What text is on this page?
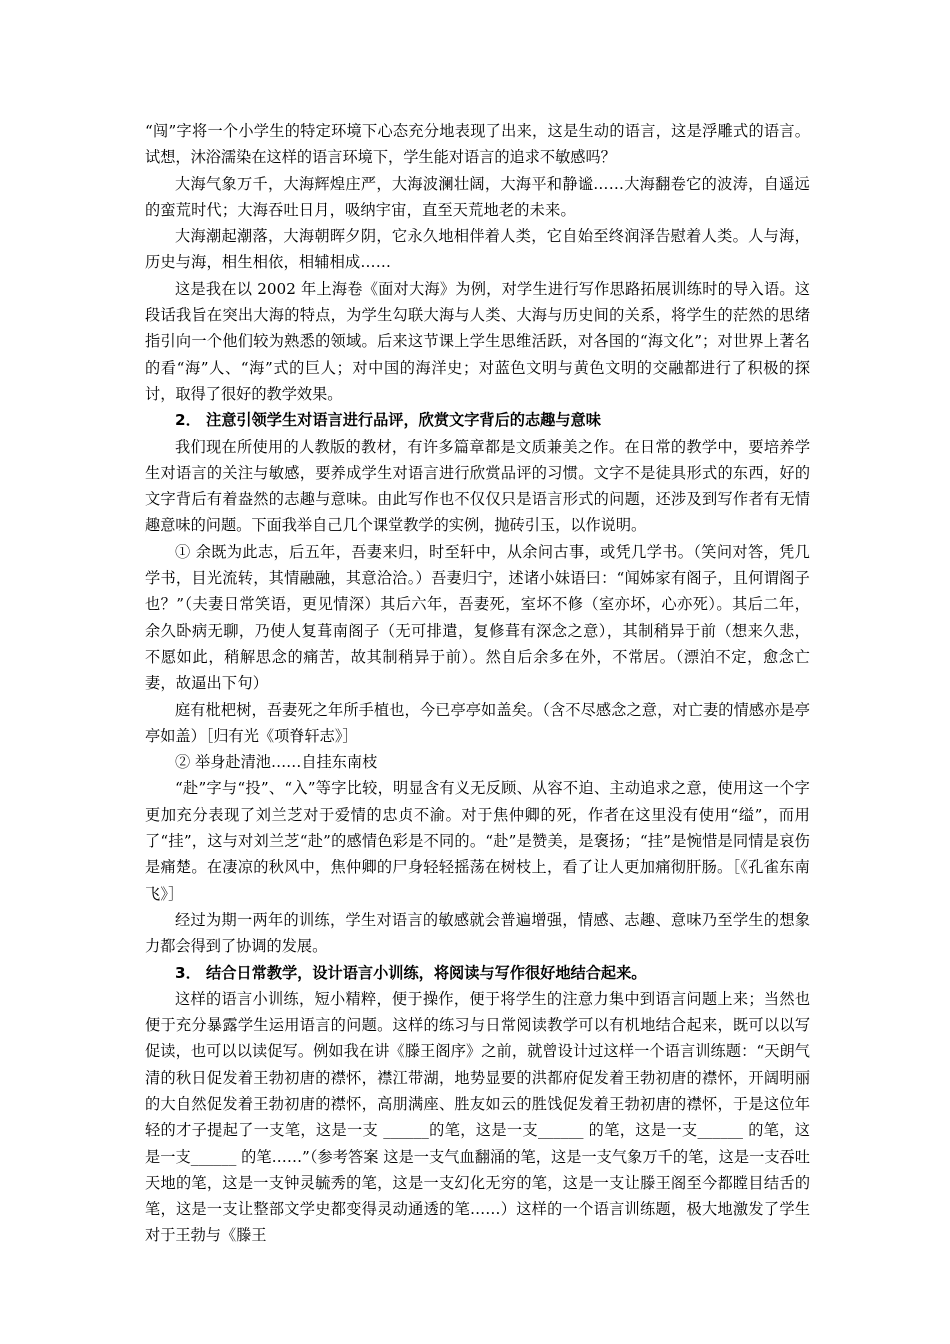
“闯”字将一个小学生的特定环境下心态充分地表现了出来，这是生动的语言，这是浮雕式的语言。试想，沐浴濡染在这样的语言环境下，学生能对语言的追求不敏感吗？

大海气象万千，大海辉煌庄严，大海波澜壮阔，大海平和静谧……大海翻卷它的波涛，自遥远的蛮荒时代；大海吞吐日月，吸纳宇宙，直至天荒地老的未来。

大海潮起潮落，大海朝晖夕阴，它永久地相伴着人类，它自始至终润泽告慰着人类。人与海，历史与海，相生相依，相辅相成……

这是我在以 2002 年上海卷《面对大海》为例，对学生进行写作思路拓展训练时的导入语。这段话我旨在突出大海的特点，为学生勾联大海与人类、大海与历史间的关系，将学生的茫然的思绪指引向一个他们较为熟悉的领域。后来这节课上学生思维活跃，对各国的“海文化”；对世界上著名的看“海”人、“海”式的巨人；对中国的海洋史；对蓝色文明与黄色文明的交融都进行了积极的探讨，取得了很好的教学效果。

2． 注意引领学生对语言进行品评，欣赏文字背后的志趣与意味

我们现在所使用的人教版的教材，有许多篇章都是文质兼美之作。在日常的教学中，要培养学生对语言的关注与敏感，要养成学生对语言进行欣赏品评的习惯。文字不是徒具形式的东西，好的文字背后有着盎然的志趣与意味。由此写作也不仅仅只是语言形式的问题，还涉及到写作者有无情趣意味的问题。下面我举自己几个课堂教学的实例，抛砖引玉，以作说明。

① 余既为此志，后五年，吾妻来归，时至轩中，从余问古事，或凭几学书。（笑问对答，凭几学书，目光流转，其情融融，其意洽洽。）吾妻归宁，述诸小妹语曰：“闻姊家有阁子，且何谓阁子也？”（夫妻日常笑语，更见情深）其后六年，吾妻死，室坏不修（室亦坏，心亦死）。其后二年，余久卧病无聊，乃使人复葺南阁子（无可排遣，复修葺有深念之意），其制稍异于前（想来久悲，不愿如此，稍解思念的痛苦，故其制稍异于前）。然自后余多在外，不常居。（漂泊不定，愈念亡妻，故逼出下句）

庭有枇杷树，吾妻死之年所手植也，今已亭亭如盖矣。（含不尽感念之意，对亡妻的情感亦是亭亭如盖）［归有光《项脊轩志》］

② 举身赴清池……自挂东南枝

“赴”字与“投”、“入”等字比较，明显含有义无反顾、从容不迫、主动追求之意，使用这一个字更加充分表现了刘兰芝对于爱情的忠贞不渝。对于焦仲卿的死，作者在这里没有使用“缢”，而用了“挂”，这与对刘兰芝“赴”的感情色彩是不同的。“赴”是赞美，是褒扬；“挂”是惋惜是同情是哀伤是痛楚。在凄凉的秋风中，焦仲卿的尸身轻轻摇荡在树枝上，看了让人更加痛彻肝肠。［《孔雀东南飞》］

经过为期一两年的训练，学生对语言的敏感就会普遍增强，情感、志趣、意味乃至学生的想象力都会得到了协调的发展。

3． 结合日常教学，设计语言小训练，将阅读与写作很好地结合起来。

这样的语言小训练，短小精粹，便于操作，便于将学生的注意力集中到语言问题上来；当然也便于充分暴露学生运用语言的问题。这样的练习与日常阅读教学可以有机地结合起来，既可以以写促读，也可以以读促写。例如我在讲《滕王阁序》之前，就曾设计过这样一个语言训练题：“天朗气清的秋日促发着王勃初唐的襟怀，襟江带湖，地势显要的洪都府促发着王勃初唐的襟怀，开阔明丽的大自然促发着王勃初唐的襟怀，高朋满座、胜友如云的胜饯促发着王勃初唐的襟怀，于是这位年轻的才子提起了一支笔，这是一支 ______的笔，这是一支______ 的笔，这是一支______ 的笔，这是一支______ 的笔……”（参考答案 这是一支气血翻涌的笔，这是一支气象万千的笔，这是一支吞吐天地的笔，这是一支钟灵毓秀的笔，这是一支幻化无穷的笔，这是一支让滕王阁至今都瞠目结舌的笔，这是一支让整部文学史都变得灵动通透的笔……）这样的一个语言训练题，极大地激发了学生对于王勃与《滕王
